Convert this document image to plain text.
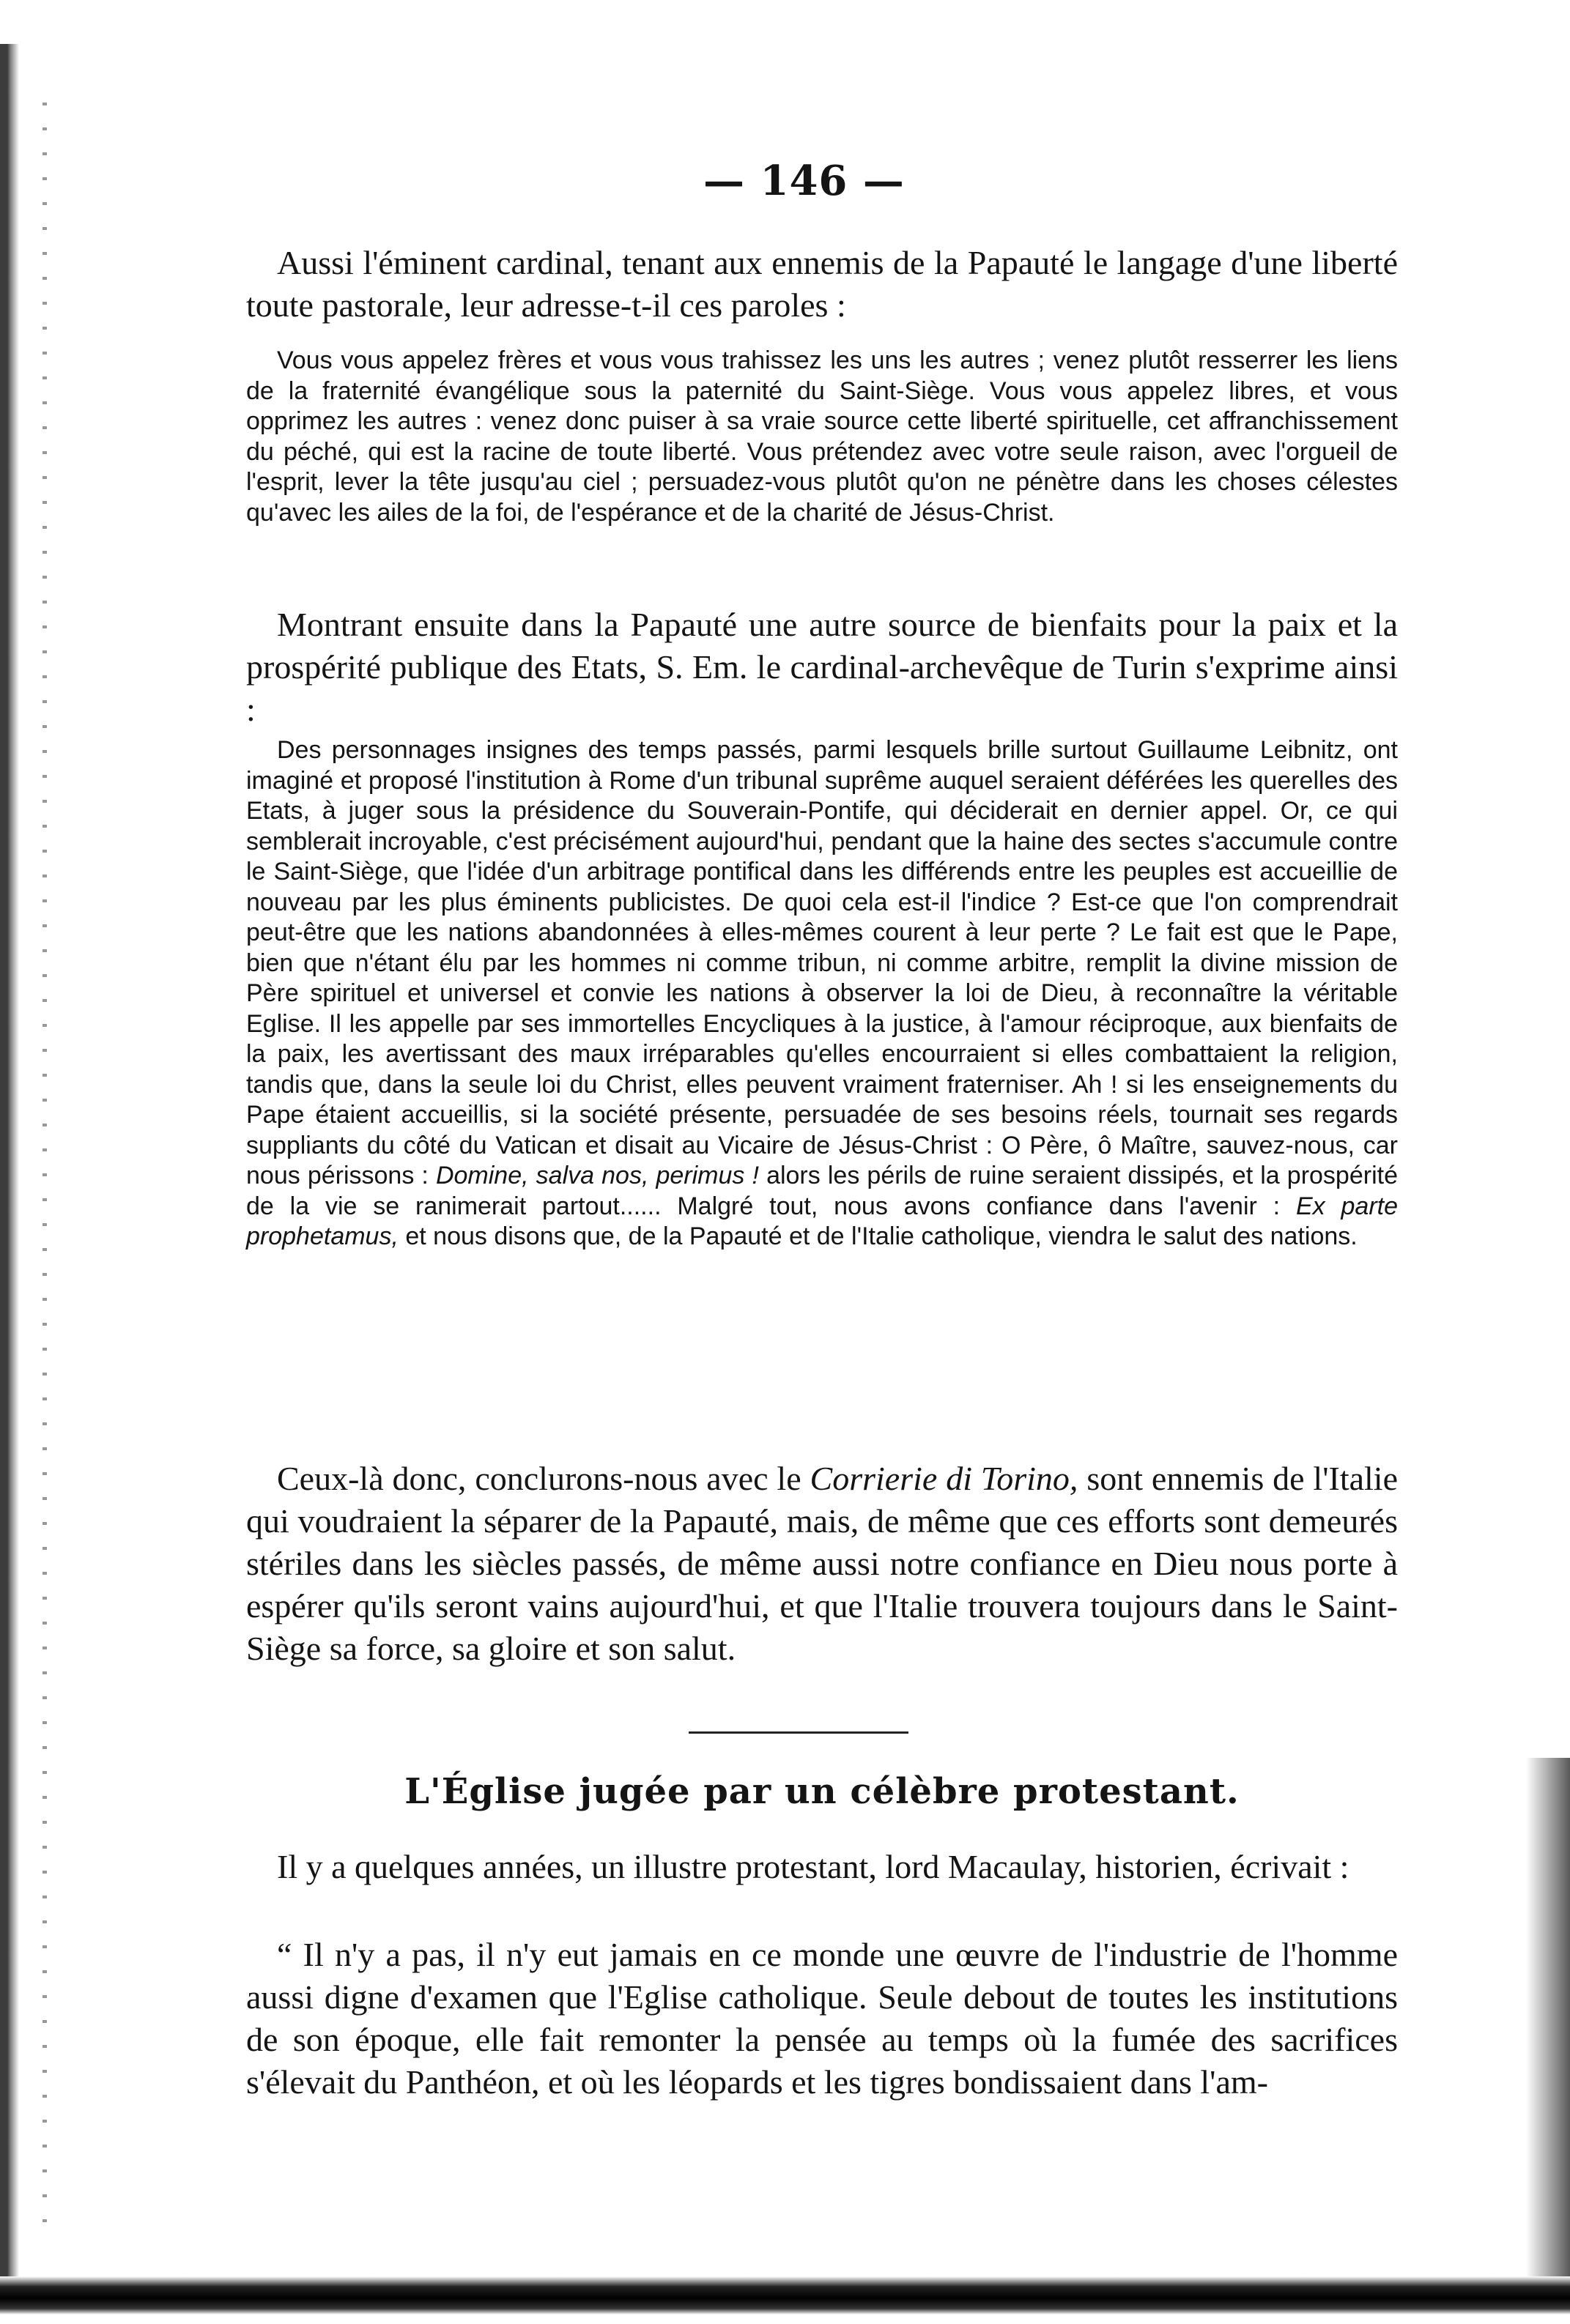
— 146 —

Aussi l'éminent cardinal, tenant aux ennemis de la Papauté le langage d'une liberté toute pastorale, leur adresse-t-il ces paroles :

Vous vous appelez frères et vous vous trahissez les uns les autres ; venez plutôt resserrer les liens de la fraternité évangélique sous la paternité du Saint-Siège. Vous vous appelez libres, et vous opprimez les autres : venez donc puiser à sa vraie source cette liberté spirituelle, cet affranchissement du péché, qui est la racine de toute liberté. Vous prétendez avec votre seule raison, avec l'orgueil de l'esprit, lever la tête jusqu'au ciel ; persuadez-vous plutôt qu'on ne pénètre dans les choses célestes qu'avec les ailes de la foi, de l'espérance et de la charité de Jésus-Christ.

Montrant ensuite dans la Papauté une autre source de bienfaits pour la paix et la prospérité publique des Etats, S. Em. le cardinal-archevêque de Turin s'exprime ainsi :

Des personnages insignes des temps passés, parmi lesquels brille surtout Guillaume Leibnitz, ont imaginé et proposé l'institution à Rome d'un tribunal suprême auquel seraient déférées les querelles des Etats, à juger sous la présidence du Souverain-Pontife, qui déciderait en dernier appel. Or, ce qui semblerait incroyable, c'est précisément aujourd'hui, pendant que la haine des sectes s'accumule contre le Saint-Siège, que l'idée d'un arbitrage pontifical dans les différends entre les peuples est accueillie de nouveau par les plus éminents publicistes. De quoi cela est-il l'indice ? Est-ce que l'on comprendrait peut-être que les nations abandonnées à elles-mêmes courent à leur perte ? Le fait est que le Pape, bien que n'étant élu par les hommes ni comme tribun, ni comme arbitre, remplit la divine mission de Père spirituel et universel et convie les nations à observer la loi de Dieu, à reconnaître la véritable Eglise. Il les appelle par ses immortelles Encycliques à la justice, à l'amour réciproque, aux bienfaits de la paix, les avertissant des maux irréparables qu'elles encourraient si elles combattaient la religion, tandis que, dans la seule loi du Christ, elles peuvent vraiment fraterniser. Ah ! si les enseignements du Pape étaient accueillis, si la société présente, persuadée de ses besoins réels, tournait ses regards suppliants du côté du Vatican et disait au Vicaire de Jésus-Christ : O Père, ô Maître, sauvez-nous, car nous périssons : Domine, salva nos, perimus ! alors les périls de ruine seraient dissipés, et la prospérité de la vie se ranimerait partout...... Malgré tout, nous avons confiance dans l'avenir : Ex parte prophetamus, et nous disons que, de la Papauté et de l'Italie catholique, viendra le salut des nations.

Ceux-là donc, conclurons-nous avec le Corrierie di Torino, sont ennemis de l'Italie qui voudraient la séparer de la Papauté, mais, de même que ces efforts sont demeurés stériles dans les siècles passés, de même aussi notre confiance en Dieu nous porte à espérer qu'ils seront vains aujourd'hui, et que l'Italie trouvera toujours dans le Saint-Siège sa force, sa gloire et son salut.

L'Église jugée par un célèbre protestant.

Il y a quelques années, un illustre protestant, lord Macaulay, historien, écrivait :

“ Il n'y a pas, il n'y eut jamais en ce monde une œuvre de l'industrie de l'homme aussi digne d'examen que l'Eglise catholique. Seule debout de toutes les institutions de son époque, elle fait remonter la pensée au temps où la fumée des sacrifices s'élevait du Panthéon, et où les léopards et les tigres bondissaient dans l'am-
